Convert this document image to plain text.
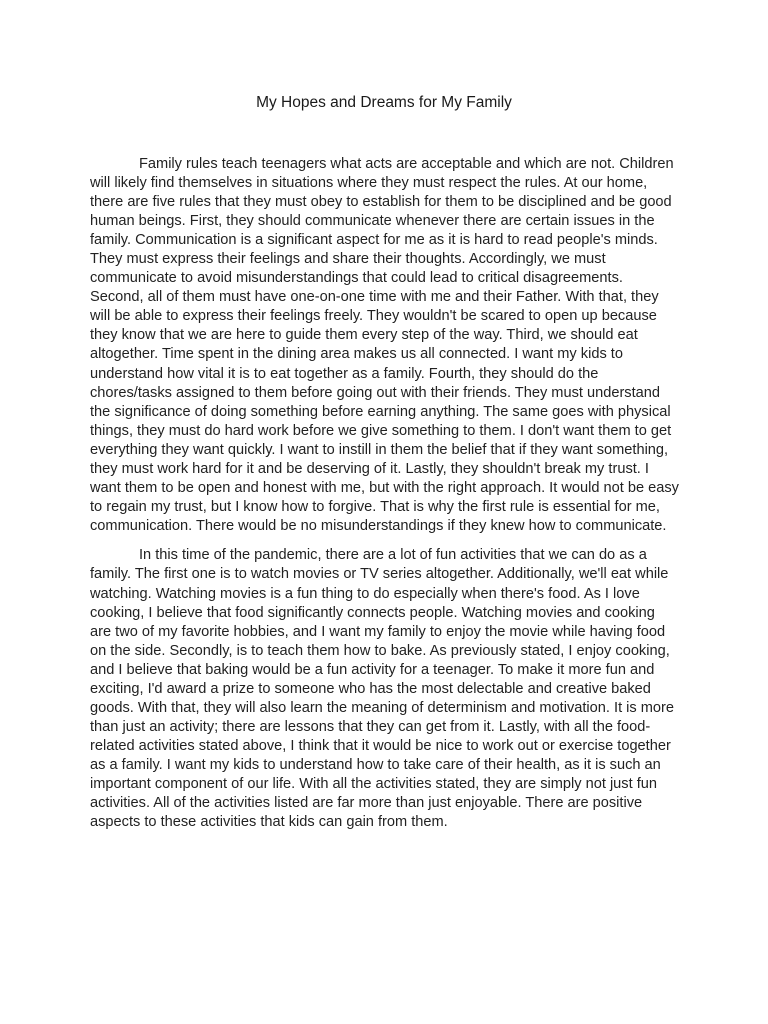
My Hopes and Dreams for My Family

Family rules teach teenagers what acts are acceptable and which are not. Children will likely find themselves in situations where they must respect the rules. At our home, there are five rules that they must obey to establish for them to be disciplined and be good human beings. First, they should communicate whenever there are certain issues in the family. Communication is a significant aspect for me as it is hard to read people's minds. They must express their feelings and share their thoughts. Accordingly, we must communicate to avoid misunderstandings that could lead to critical disagreements. Second, all of them must have one-on-one time with me and their Father. With that, they will be able to express their feelings freely. They wouldn't be scared to open up because they know that we are here to guide them every step of the way. Third, we should eat altogether. Time spent in the dining area makes us all connected. I want my kids to understand how vital it is to eat together as a family. Fourth, they should do the chores/tasks assigned to them before going out with their friends. They must understand the significance of doing something before earning anything. The same goes with physical things, they must do hard work before we give something to them. I don't want them to get everything they want quickly. I want to instill in them the belief that if they want something, they must work hard for it and be deserving of it. Lastly, they shouldn't break my trust. I want them to be open and honest with me, but with the right approach. It would not be easy to regain my trust, but I know how to forgive. That is why the first rule is essential for me, communication. There would be no misunderstandings if they knew how to communicate.

In this time of the pandemic, there are a lot of fun activities that we can do as a family. The first one is to watch movies or TV series altogether. Additionally, we'll eat while watching. Watching movies is a fun thing to do especially when there's food. As I love cooking, I believe that food significantly connects people. Watching movies and cooking are two of my favorite hobbies, and I want my family to enjoy the movie while having food on the side. Secondly, is to teach them how to bake. As previously stated, I enjoy cooking, and I believe that baking would be a fun activity for a teenager. To make it more fun and exciting, I'd award a prize to someone who has the most delectable and creative baked goods. With that, they will also learn the meaning of determinism and motivation. It is more than just an activity; there are lessons that they can get from it. Lastly, with all the food-related activities stated above, I think that it would be nice to work out or exercise together as a family. I want my kids to understand how to take care of their health, as it is such an important component of our life. With all the activities stated, they are simply not just fun activities. All of the activities listed are far more than just enjoyable. There are positive aspects to these activities that kids can gain from them.
